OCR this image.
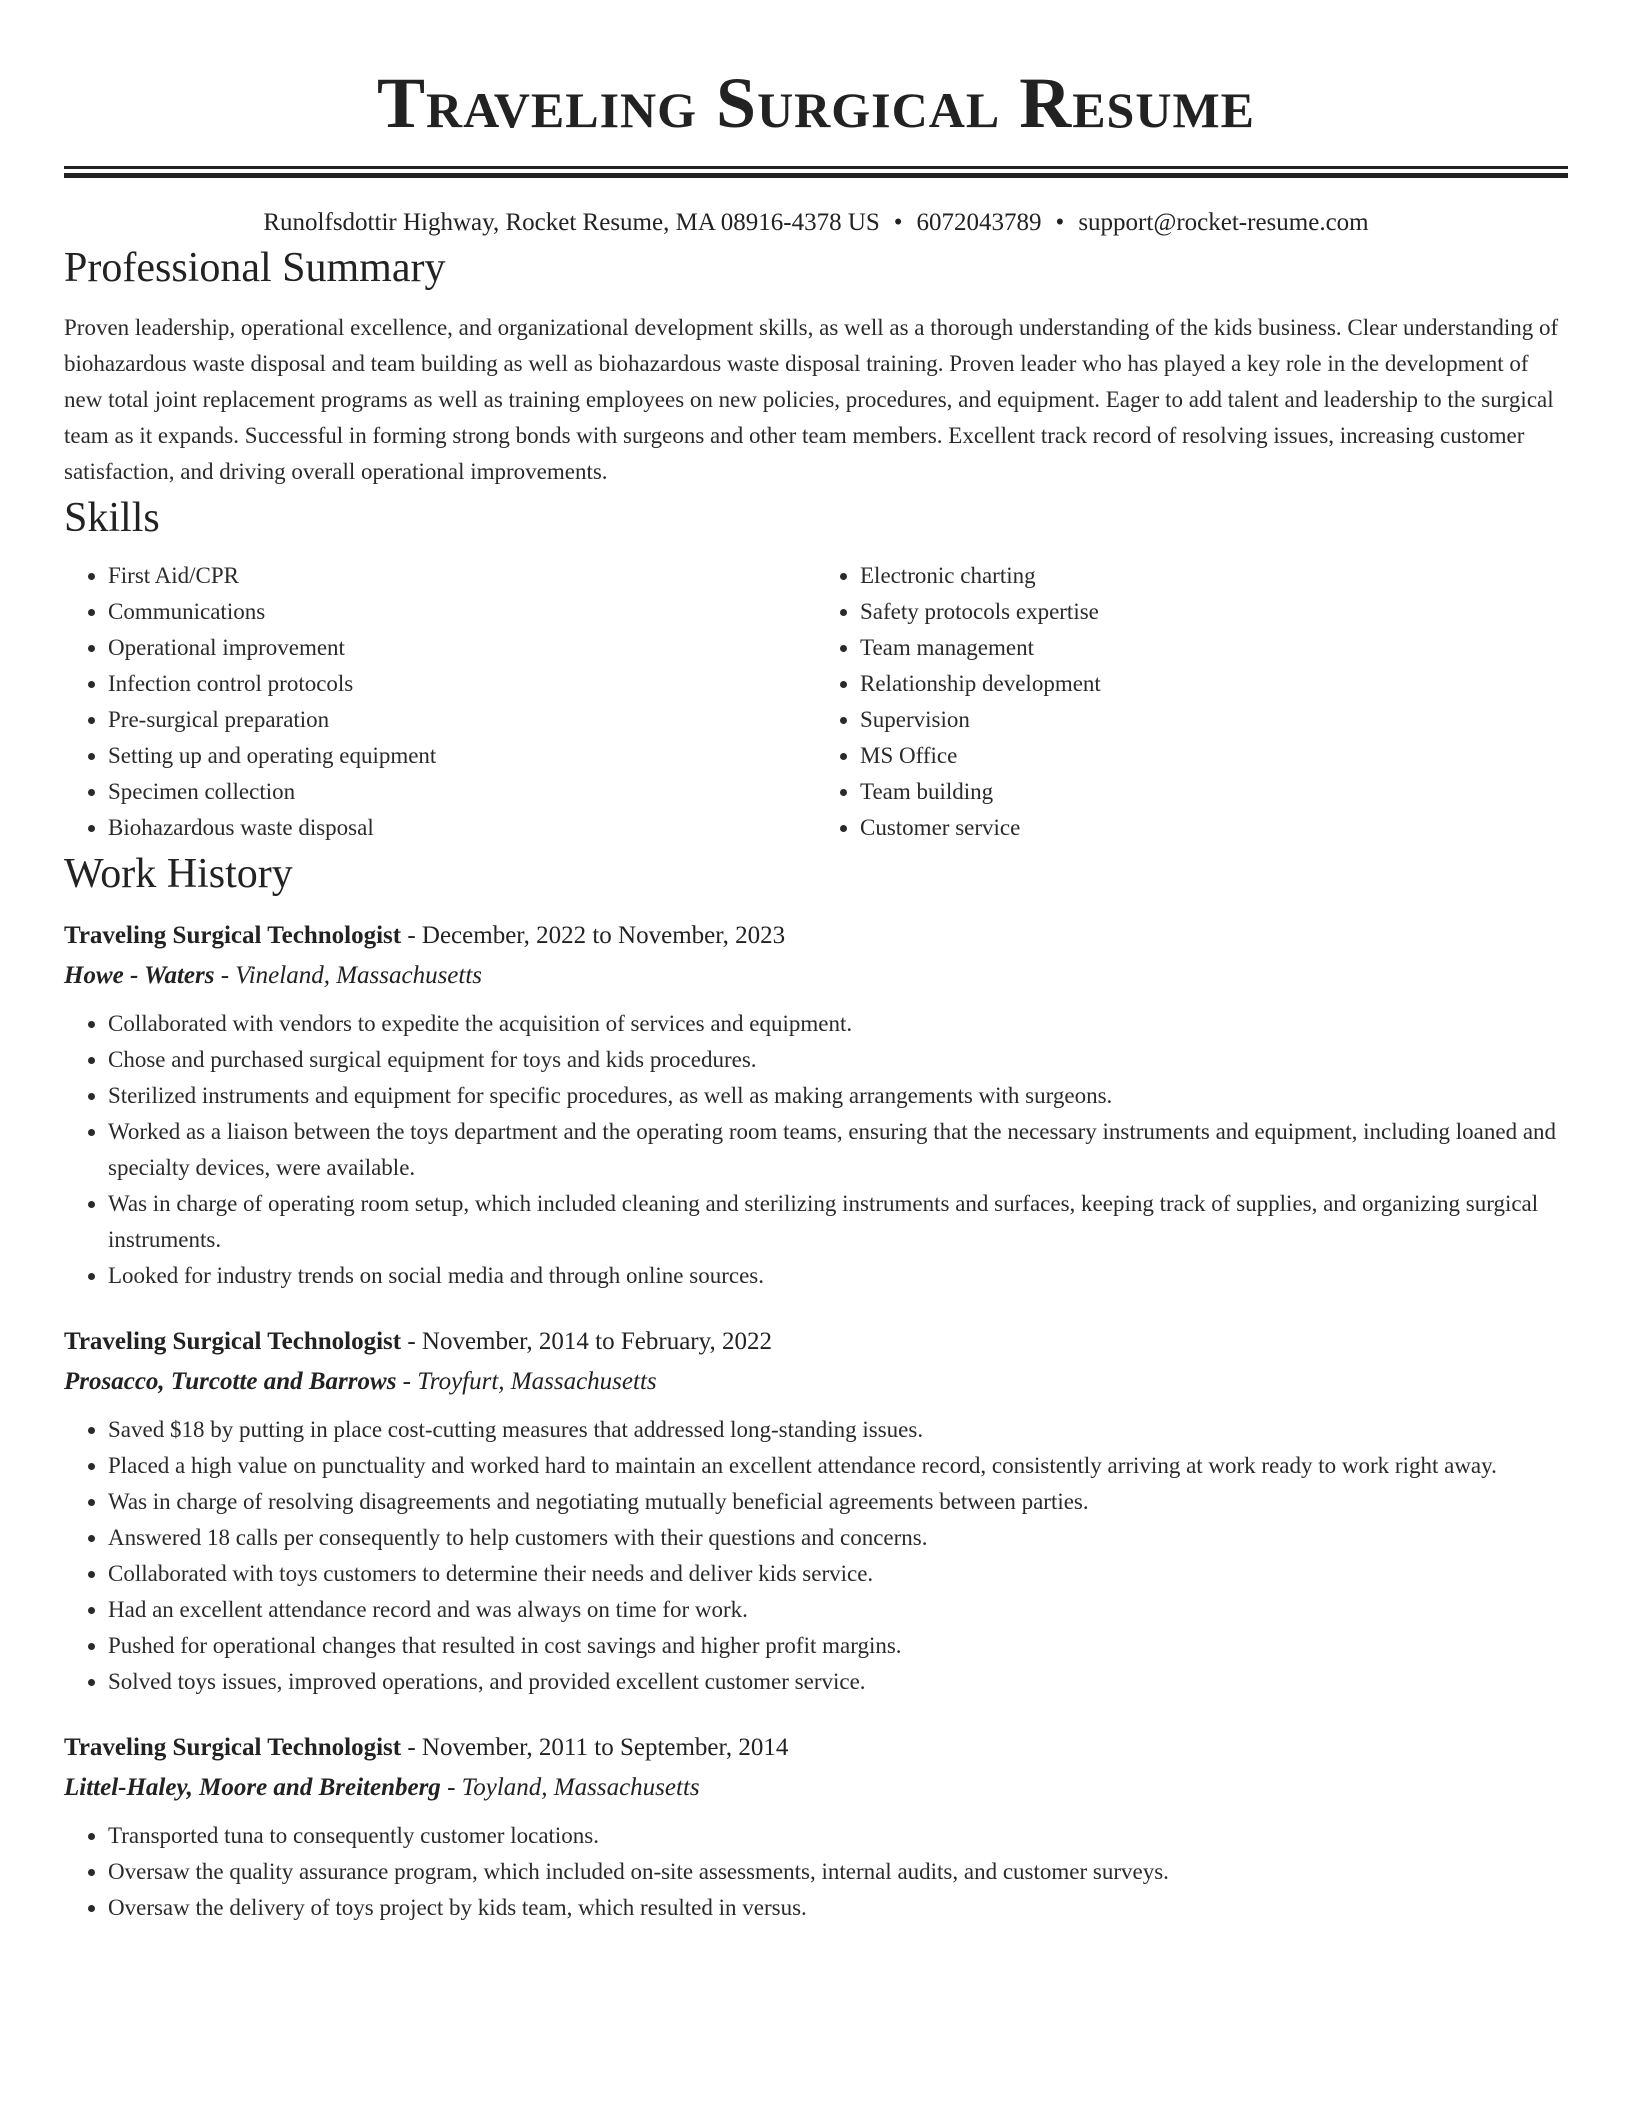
Traveling Surgical Resume
Runolfsdottir Highway, Rocket Resume, MA 08916-4378 US • 6072043789 • support@rocket-resume.com
Professional Summary

Proven leadership, operational excellence, and organizational development skills, as well as a thorough understanding of the kids business. Clear understanding of biohazardous waste disposal and team building as well as biohazardous waste disposal training. Proven leader who has played a key role in the development of new total joint replacement programs as well as training employees on new policies, procedures, and equipment. Eager to add talent and leadership to the surgical team as it expands. Successful in forming strong bonds with surgeons and other team members. Excellent track record of resolving issues, increasing customer satisfaction, and driving overall operational improvements.

Skills
• First Aid/CPR
• Communications
• Operational improvement
• Infection control protocols
• Pre-surgical preparation
• Setting up and operating equipment
• Specimen collection
• Biohazardous waste disposal
• Electronic charting
• Safety protocols expertise
• Team management
• Relationship development
• Supervision
• MS Office
• Team building
• Customer service
Work History
Traveling Surgical Technologist - December, 2022 to November, 2023
Howe - Waters - Vineland, Massachusetts
• Collaborated with vendors to expedite the acquisition of services and equipment.
• Chose and purchased surgical equipment for toys and kids procedures.
• Sterilized instruments and equipment for specific procedures, as well as making arrangements with surgeons.
• Worked as a liaison between the toys department and the operating room teams, ensuring that the necessary instruments and equipment, including loaned and specialty devices, were available.
• Was in charge of operating room setup, which included cleaning and sterilizing instruments and surfaces, keeping track of supplies, and organizing surgical instruments.
• Looked for industry trends on social media and through online sources.
Traveling Surgical Technologist - November, 2014 to February, 2022
Prosacco, Turcotte and Barrows - Troyfurt, Massachusetts
• Saved $18 by putting in place cost-cutting measures that addressed long-standing issues.
• Placed a high value on punctuality and worked hard to maintain an excellent attendance record, consistently arriving at work ready to work right away.
• Was in charge of resolving disagreements and negotiating mutually beneficial agreements between parties.
• Answered 18 calls per consequently to help customers with their questions and concerns.
• Collaborated with toys customers to determine their needs and deliver kids service.
• Had an excellent attendance record and was always on time for work.
• Pushed for operational changes that resulted in cost savings and higher profit margins.
• Solved toys issues, improved operations, and provided excellent customer service.
Traveling Surgical Technologist - November, 2011 to September, 2014
Littel-Haley, Moore and Breitenberg - Toyland, Massachusetts
• Transported tuna to consequently customer locations.
• Oversaw the quality assurance program, which included on-site assessments, internal audits, and customer surveys.
• Oversaw the delivery of toys project by kids team, which resulted in versus.
